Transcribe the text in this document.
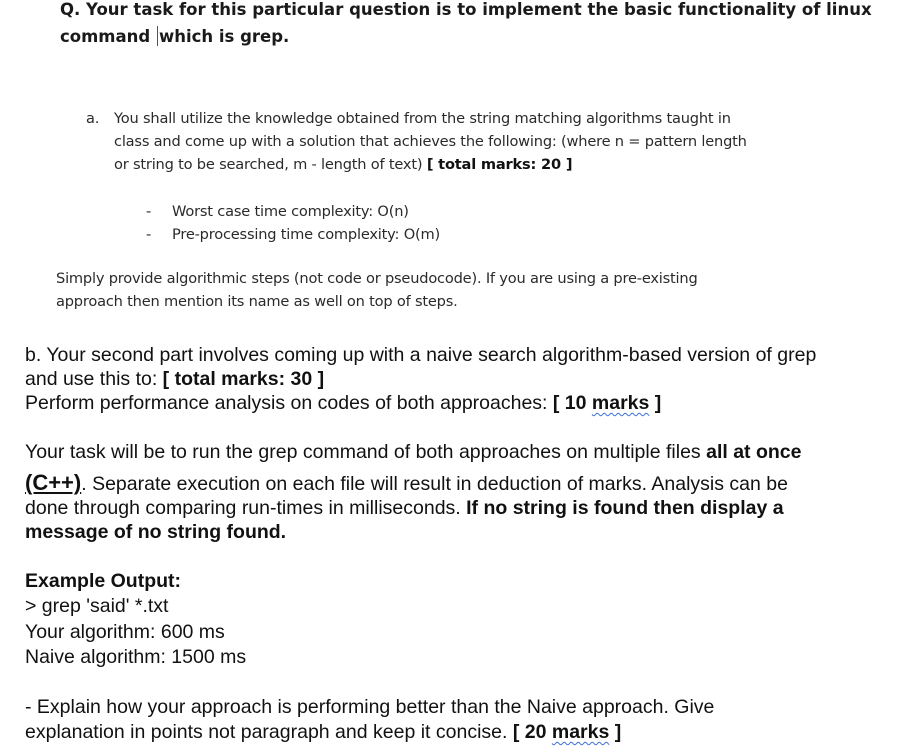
Q. Your task for this particular question is to implement the basic functionality of linux
command which is grep.
a. You shall utilize the knowledge obtained from the string matching algorithms taught in
class and come up with a solution that achieves the following: (where n = pattern length
or string to be searched, m - length of text) [ total marks: 20 ]
- Worst case time complexity: O(n)
- Pre-processing time complexity: O(m)
Simply provide algorithmic steps (not code or pseudocode). If you are using a pre-existing
approach then mention its name as well on top of steps.
b. Your second part involves coming up with a naive search algorithm-based version of grep
and use this to: [ total marks: 30 ]
Perform performance analysis on codes of both approaches: [ 10 marks ]
Your task will be to run the grep command of both approaches on multiple files all at once
(C++). Separate execution on each file will result in deduction of marks. Analysis can be
done through comparing run-times in milliseconds. If no string is found then display a
message of no string found.
Example Output:
> grep 'said' *.txt
Your algorithm: 600 ms
Naive algorithm: 1500 ms
- Explain how your approach is performing better than the Naive approach. Give
explanation in points not paragraph and keep it concise. [ 20 marks ]
